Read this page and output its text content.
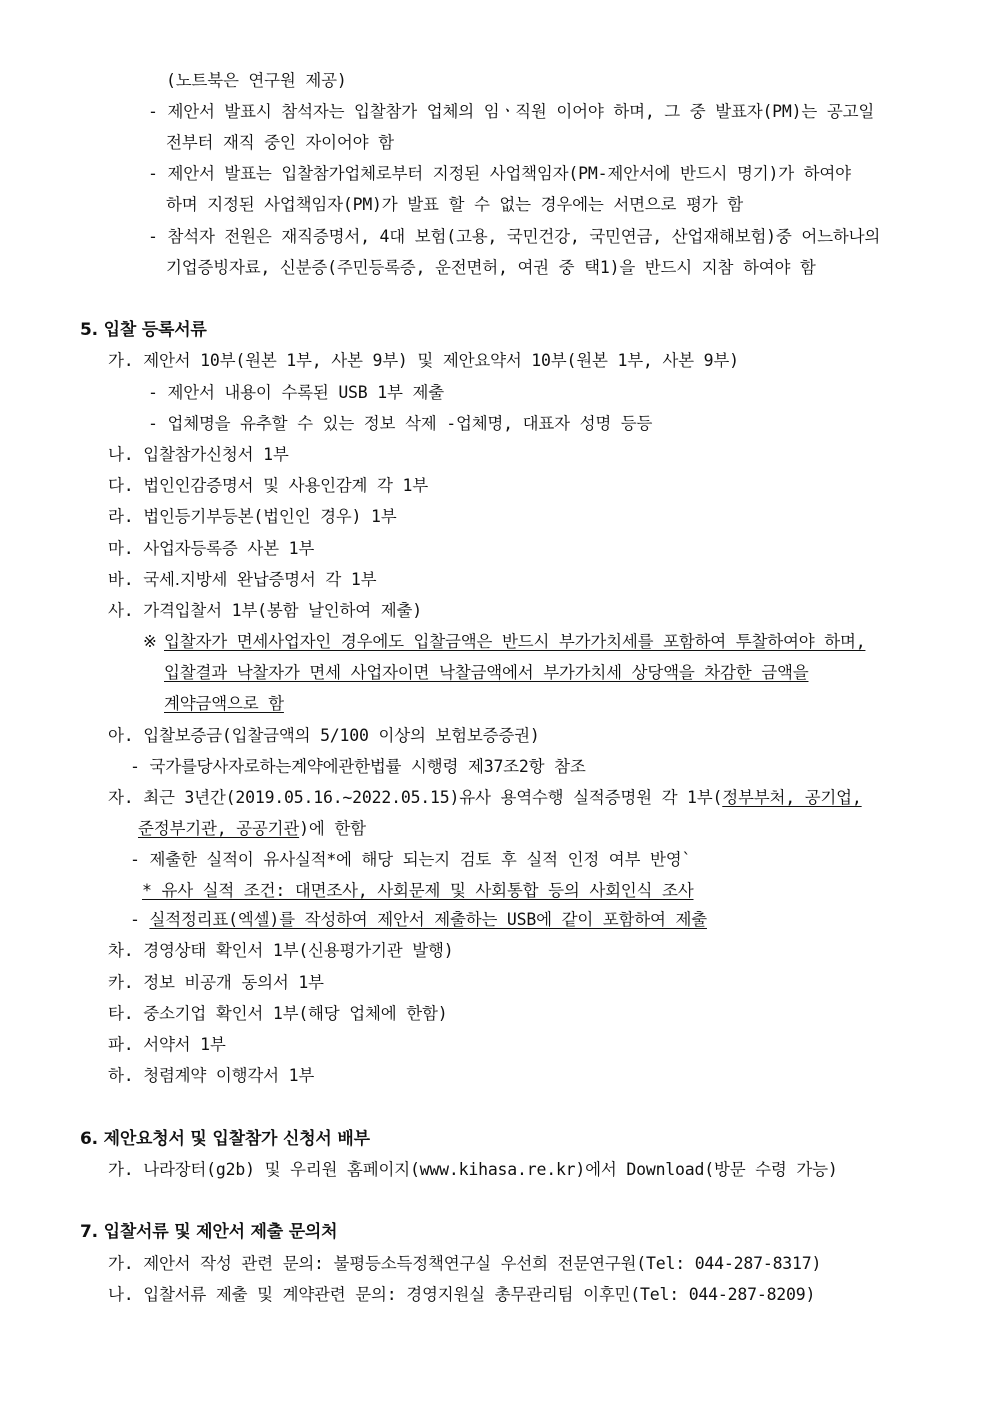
(노트북은 연구원 제공)
- 제안서 발표시 참석자는 입찰참가 업체의 임ㆍ직원 이어야 하며, 그 중 발표자(PM)는 공고일
전부터 재직 중인 자이어야 함
- 제안서 발표는 입찰참가업체로부터 지정된 사업책임자(PM-제안서에 반드시 명기)가 하여야
하며 지정된 사업책임자(PM)가 발표 할 수 없는 경우에는 서면으로 평가 함
- 참석자 전원은 재직증명서, 4대 보험(고용, 국민건강, 국민연금, 산업재해보험)중 어느하나의
기업증빙자료, 신분증(주민등록증, 운전면허, 여권 중 택1)을 반드시 지참 하여야 함
5. 입찰 등록서류
가. 제안서 10부(원본 1부, 사본 9부) 및 제안요약서 10부(원본 1부, 사본 9부)
- 제안서 내용이 수록된 USB 1부 제출
- 업체명을 유추할 수 있는 정보 삭제 -업체명, 대표자 성명 등등
나. 입찰참가신청서 1부
다. 법인인감증명서 및 사용인감계 각 1부
라. 법인등기부등본(법인인 경우) 1부
마. 사업자등록증 사본 1부
바. 국세․지방세 완납증명서 각 1부
사. 가격입찰서 1부(봉함 날인하여 제출)
※ 입찰자가 면세사업자인 경우에도 입찰금액은 반드시 부가가치세를 포함하여 투찰하여야 하며,
입찰결과 낙찰자가 면세 사업자이면 낙찰금액에서 부가가치세 상당액을 차감한 금액을
계약금액으로 함
아. 입찰보증금(입찰금액의 5/100 이상의 보험보증증권)
- 국가를당사자로하는계약에관한법률 시행령 제37조2항 참조
자. 최근 3년간(2019.05.16.~2022.05.15)유사 용역수행 실적증명원 각 1부(정부부처, 공기업,
준정부기관, 공공기관)에 한함
- 제출한 실적이 유사실적*에 해당 되는지 검토 후 실적 인정 여부 반영`
* 유사 실적 조건: 대면조사, 사회문제 및 사회통합 등의 사회인식 조사
- 실적정리표(엑셀)를 작성하여 제안서 제출하는 USB에 같이 포함하여 제출
차. 경영상태 확인서 1부(신용평가기관 발행)
카. 정보 비공개 동의서 1부
타. 중소기업 확인서 1부(해당 업체에 한함)
파. 서약서 1부
하. 청렴계약 이행각서 1부
6. 제안요청서 및 입찰참가 신청서 배부
가. 나라장터(g2b) 및 우리원 홈페이지(www.kihasa.re.kr)에서 Download(방문 수령 가능)
7. 입찰서류 및 제안서 제출 문의처
가. 제안서 작성 관련 문의: 불평등소득정책연구실 우선희 전문연구원(Tel: 044-287-8317)
나. 입찰서류 제출 및 계약관련 문의: 경영지원실 총무관리팀 이후민(Tel: 044-287-8209)
